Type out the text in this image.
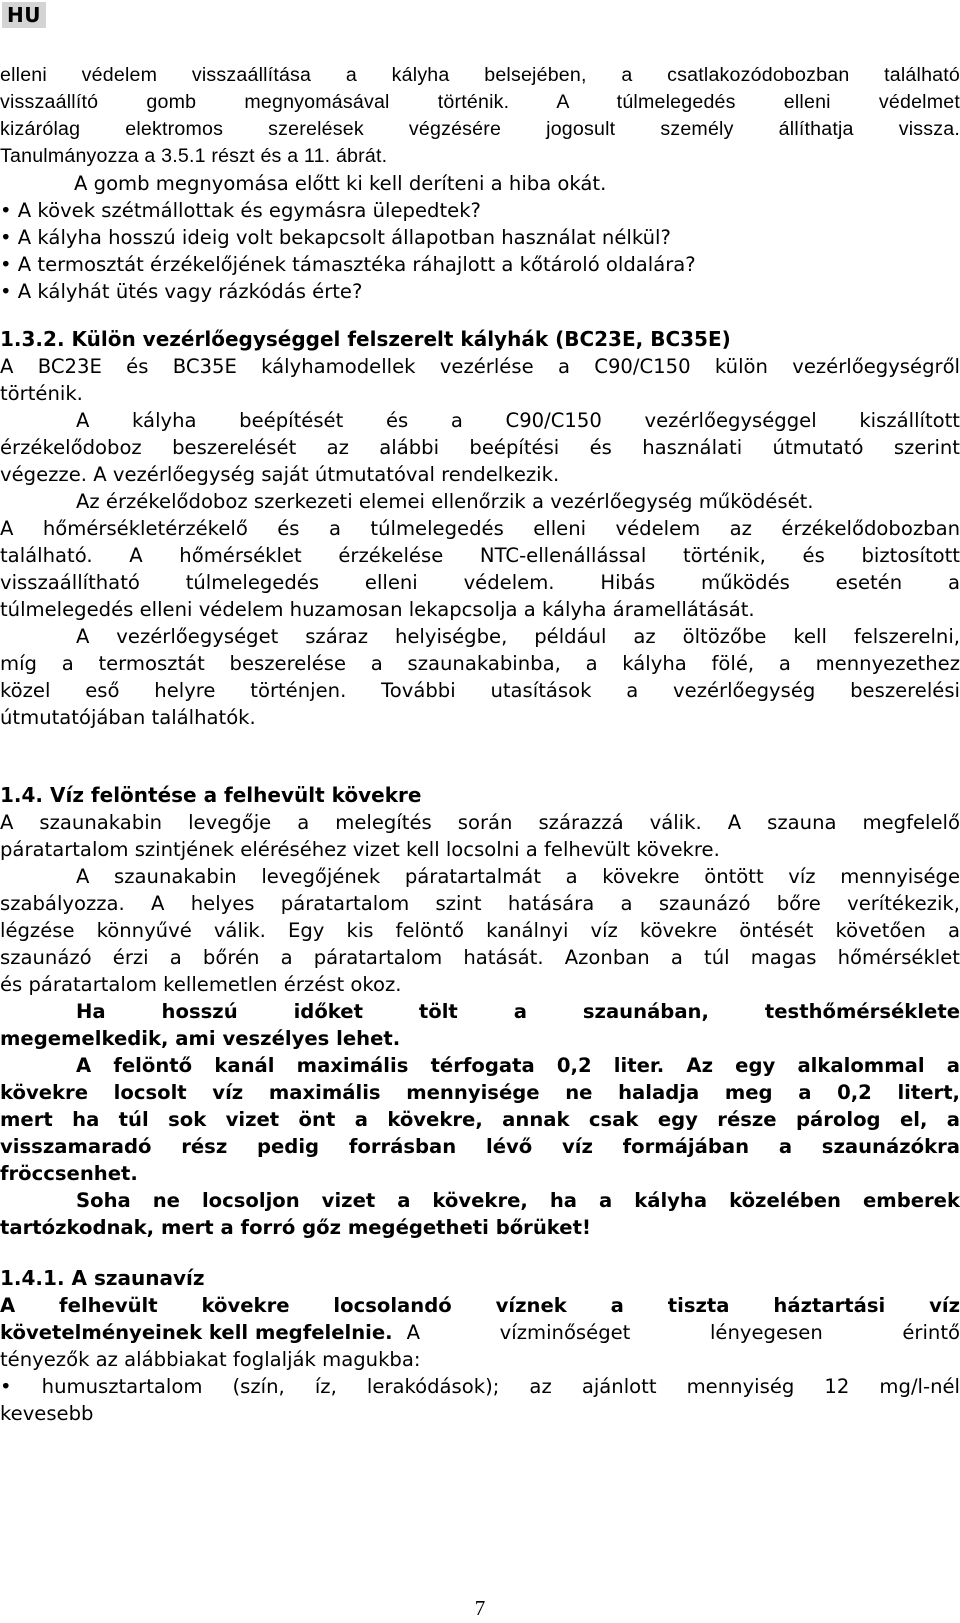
HU

elleni védelem visszaállítása a kályha belsejében, a csatlakozódobozban található

visszaállító gomb megnyomásával történik. A túlmelegedés elleni védelmet

kizárólag elektromos szerelések végzésére jogosult személy állíthatja vissza.

Tanulmányozza a 3.5.1 részt és a 11. ábrát.

A gomb megnyomása előtt ki kell deríteni a hiba okát.

• A kövek szétmállottak és egymásra ülepedtek?

• A kályha hosszú ideig volt bekapcsolt állapotban használat nélkül?

• A termosztát érzékelőjének támasztéka ráhajlott a kőtároló oldalára?

• A kályhát ütés vagy rázkódás érte?

1.3.2. Külön vezérlőegységgel felszerelt kályhák (BC23E, BC35E)

A BC23E és BC35E kályhamodellek vezérlése a C90/C150 külön vezérlőegységről

történik.

A kályha beépítését és a C90/C150 vezérlőegységgel kiszállított

érzékelődoboz beszerelését az alábbi beépítési és használati útmutató szerint

végezze. A vezérlőegység saját útmutatóval rendelkezik.

Az érzékelődoboz szerkezeti elemei ellenőrzik a vezérlőegység működését.

A hőmérsékletérzékelő és a túlmelegedés elleni védelem az érzékelődobozban

található. A hőmérséklet érzékelése NTC-ellenállással történik, és biztosított

visszaállítható túlmelegedés elleni védelem. Hibás működés esetén a

túlmelegedés elleni védelem huzamosan lekapcsolja a kályha áramellátását.

A vezérlőegységet száraz helyiségbe, például az öltözőbe kell felszerelni,

míg a termosztát beszerelése a szaunakabinba, a kályha fölé, a mennyezethez

közel eső helyre történjen. További utasítások a vezérlőegység beszerelési

útmutatójában találhatók.

1.4. Víz felöntése a felhevült kövekre

A szaunakabin levegője a melegítés során szárazzá válik. A szauna megfelelő

páratartalom szintjének eléréséhez vizet kell locsolni a felhevült kövekre.

A szaunakabin levegőjének páratartalmát a kövekre öntött víz mennyisége

szabályozza. A helyes páratartalom szint hatására a szaunázó bőre verítékezik,

légzése könnyűvé válik. Egy kis felöntő kanálnyi víz kövekre öntését követően a

szaunázó érzi a bőrén a páratartalom hatását. Azonban a túl magas hőmérséklet

és páratartalom kellemetlen érzést okoz.

Ha hosszú időket tölt a szaunában, testhőmérséklete

megemelkedik, ami veszélyes lehet.

A felöntő kanál maximális térfogata 0,2 liter. Az egy alkalommal a

kövekre locsolt víz maximális mennyisége ne haladja meg a 0,2 litert,

mert ha túl sok vizet önt a kövekre, annak csak egy része párolog el, a

visszamaradó rész pedig forrásban lévő víz formájában a szaunázókra

fröccsenhet.

Soha ne locsoljon vizet a kövekre, ha a kályha közelében emberek

tartózkodnak, mert a forró gőz megégetheti bőrüket!

1.4.1. A szaunavíz

A felhevült kövekre locsolandó víznek a tiszta háztartási víz

követelményeinek kell megfelelnie. A vízminőséget lényegesen érintő

tényezők az alábbiakat foglalják magukba:

• humusztartalom (szín, íz, lerakódások); az ajánlott mennyiség 12 mg/l-nél

kevesebb

7
